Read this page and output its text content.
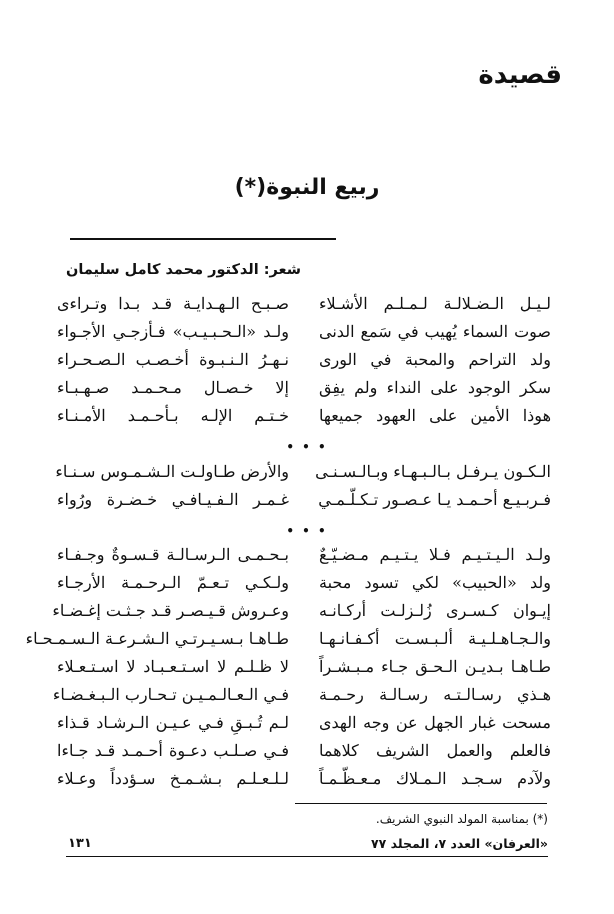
قصيدة
ربيع النبوة(*)
شعر: الدكتور محمد كامل سليمان
لـيـل الـضـلالـة لـمـلـم الأشـلاء
صـبـح الـهـدايـة قـد بـدا وتـراءى
صوت السماء يُهيب في سَمع الدنى
ولـد «الـحـبـيـب» فـأزجـي الأجـواء
ولد التراحم والمحبة في الورى
نـهـرُ الـنـبـوة أخـصـب الـصـحـراء
سكر الوجود على النداء ولم يفِق
إلا خـصـال مـحـمـد صـهـبـاء
هوذا الأمين على العهود جميعها
خـتـم الإلـه بـأحـمـد الأمـنـاء
• • •
الـكـون يـرفـل بـالـبـهـاء وبـالـسـنـى
والأرض طـاولـت الـشـمـوس سـنـاء
فـربـيـع أحـمـد يـا عـصـور تـكـلّـمـي
غـمـر الـفـيـافـي خـضـرة ورُواء
• • •
ولـد الـيـتـيـم فـلا يـتـيـم مـضـيّـعٌ
بـحـمـى الـرسـالـة قـسـوةٌ وجـفـاء
ولد «الحبيب» لكي تسود محبة
ولـكـي تـعـمّ الـرحـمـة الأرجـاء
إيـوان كـسـرى زُلـزلـت أركـانـه
وعـروش قـيـصـر قـد جـثـت إغـضـاء
والـجـاهـلـيـة ألـبـسـت أكـفـانـهـا
طـاهـا بـسـيـرتـي الـشـرعـة الـسـمـحـاء
طـاهـا بـديـن الـحـق جـاء مـبـشـراً
لا ظـلـم لا اسـتـعـبـاد لا اسـتـعـلاء
هـذي رسـالـتـه رسـالـة رحـمـة
فـي الـعـالـمـيـن تـحـارب الـبـغـضـاء
مسحت غبار الجهل عن وجه الهدى
لـم تُـبـقِ فـي عـيـن الـرشـاد قـذاء
فالعلم والعمل الشريف كلاهما
فـي صـلـب دعـوة أحـمـد قـد جـاءا
ولآدم سـجـد الـمـلاك مـعـظّـمـاً
لـلـعـلـم بـشـمـخ سـؤدداً وعـلاء
(*) بمناسبة المولد النبوي الشريف.
«العرفان» العدد ٧، المجلد ٧٧
١٣١
